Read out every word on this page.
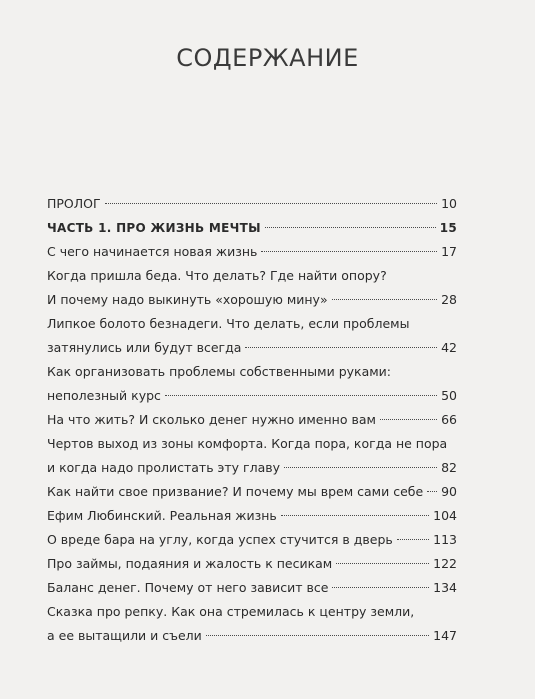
СОДЕРЖАНИЕ
ПРОЛОГ	10
ЧАСТЬ 1. ПРО ЖИЗНЬ МЕЧТЫ	15
С чего начинается новая жизнь	17
Когда пришла беда. Что делать? Где найти опору?
И почему надо выкинуть «хорошую мину»	28
Липкое болото безнадеги. Что делать, если проблемы
затянулись или будут всегда	42
Как организовать проблемы собственными руками:
неполезный курс	50
На что жить? И сколько денег нужно именно вам	66
Чертов выход из зоны комфорта. Когда пора, когда не пора
и когда надо пролистать эту главу	82
Как найти свое призвание? И почему мы врем сами себе 90
Ефим Любинский. Реальная жизнь	104
О вреде бара на углу, когда успех стучится в дверь	113
Про займы, подаяния и жалость к песикам	122
Баланс денег. Почему от него зависит все	134
Сказка про репку. Как она стремилась к центру земли,
а ее вытащили и съели	147
